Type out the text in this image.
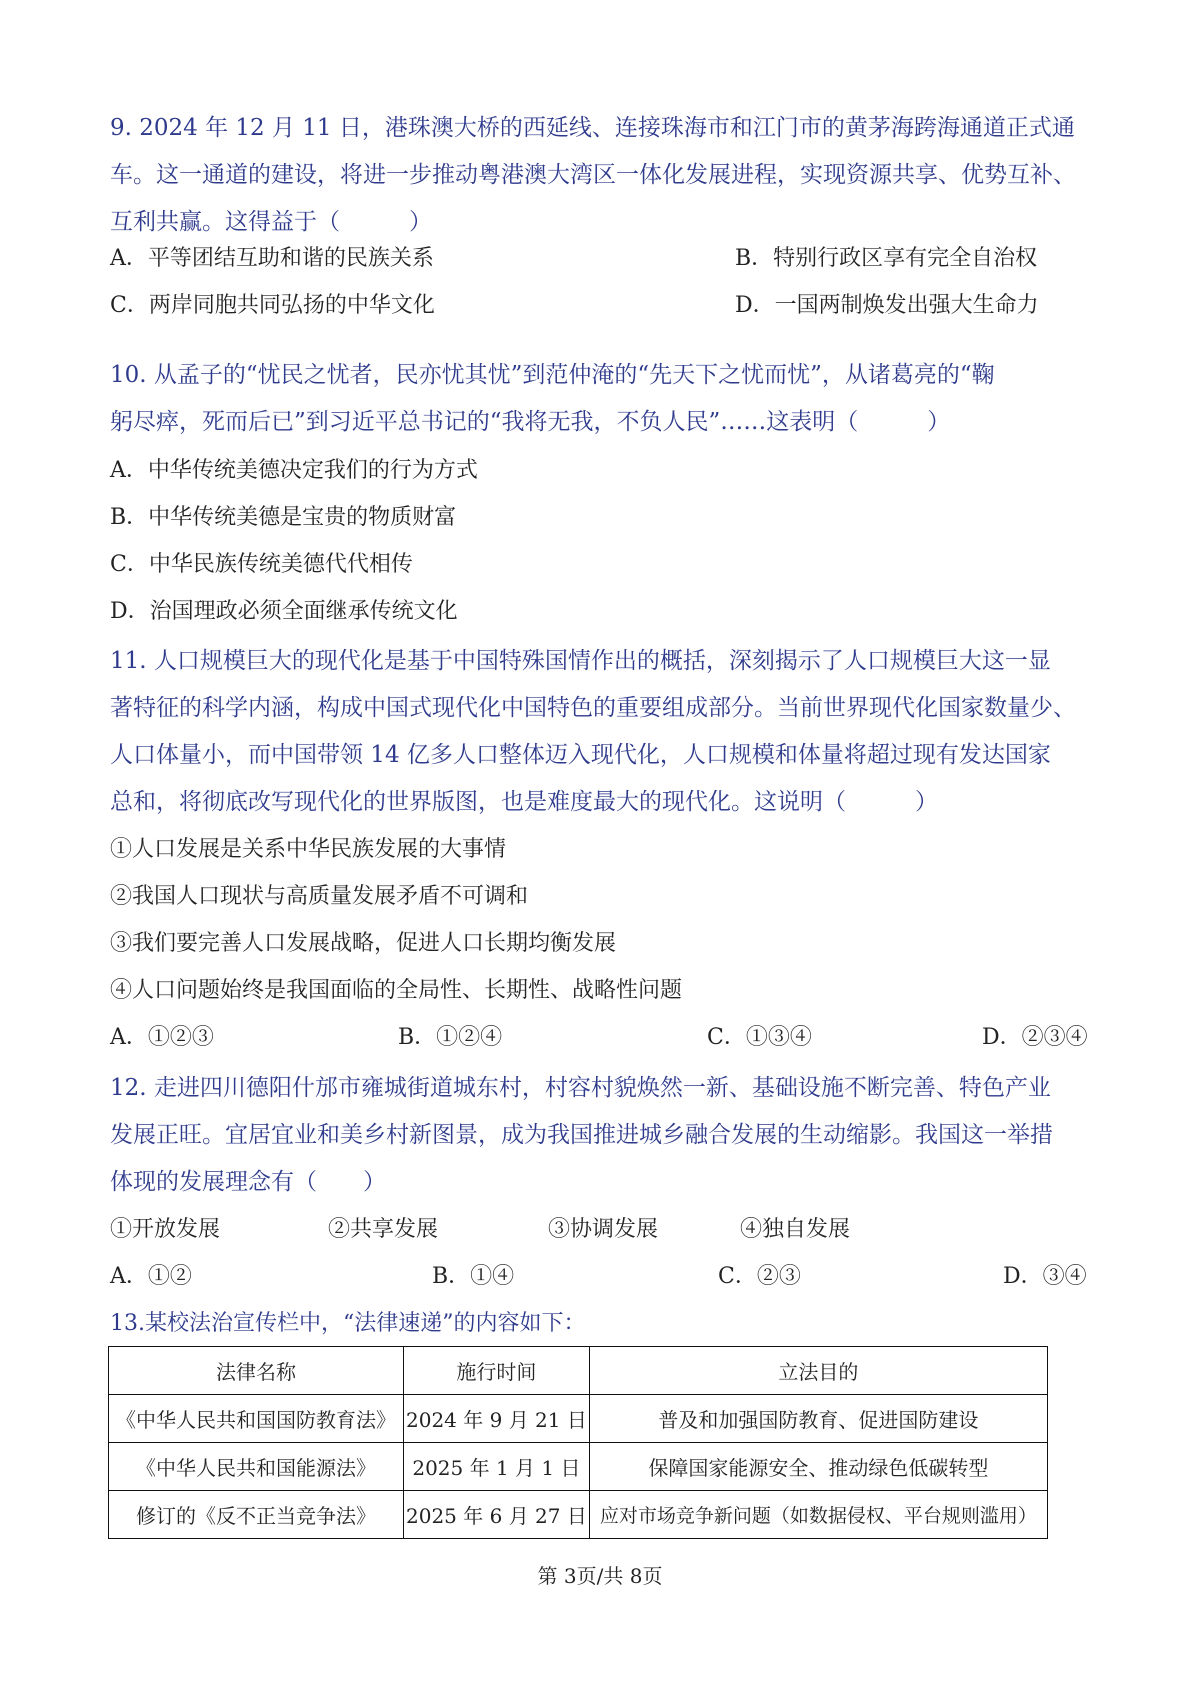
9. 2024 年 12 月 11 日，港珠澳大桥的西延线、连接珠海市和江门市的黄茅海跨海通道正式通
车。这一通道的建设，将进一步推动粤港澳大湾区一体化发展进程，实现资源共享、优势互补、
互利共赢。这得益于（　　　）
A．平等团结互助和谐的民族关系	B．特别行政区享有完全自治权
C．两岸同胞共同弘扬的中华文化	D．一国两制焕发出强大生命力
10. 从孟子的“忧民之忧者，民亦忧其忧”到范仲淹的“先天下之忧而忧”，从诸葛亮的“鞠
躬尽瘁，死而后已”到习近平总书记的“我将无我，不负人民”……这表明（　　　）
A．中华传统美德决定我们的行为方式
B．中华传统美德是宝贵的物质财富
C．中华民族传统美德代代相传
D．治国理政必须全面继承传统文化
11. 人口规模巨大的现代化是基于中国特殊国情作出的概括，深刻揭示了人口规模巨大这一显
著特征的科学内涵，构成中国式现代化中国特色的重要组成部分。当前世界现代化国家数量少、
人口体量小，而中国带领 14 亿多人口整体迈入现代化，人口规模和体量将超过现有发达国家
总和，将彻底改写现代化的世界版图，也是难度最大的现代化。这说明（　　　）
①人口发展是关系中华民族发展的大事情
②我国人口现状与高质量发展矛盾不可调和
③我们要完善人口发展战略，促进人口长期均衡发展
④人口问题始终是我国面临的全局性、长期性、战略性问题
A．①②③	B．①②④	C．①③④	D．②③④
12. 走进四川德阳什邡市雍城街道城东村，村容村貌焕然一新、基础设施不断完善、特色产业
发展正旺。宜居宜业和美乡村新图景，成为我国推进城乡融合发展的生动缩影。我国这一举措
体现的发展理念有（　　）
①开放发展	②共享发展	③协调发展	④独自发展
A．①②	B．①④	C．②③	D．③④
13.某校法治宣传栏中，“法律速递”的内容如下：
法律名称	施行时间	立法目的
《中华人民共和国国防教育法》	2024 年 9 月 21 日	普及和加强国防教育、促进国防建设
《中华人民共和国能源法》	2025 年 1 月 1 日	保障国家能源安全、推动绿色低碳转型
修订的《反不正当竞争法》	2025 年 6 月 27 日	应对市场竞争新问题（如数据侵权、平台规则滥用）
第 3页/共 8页
